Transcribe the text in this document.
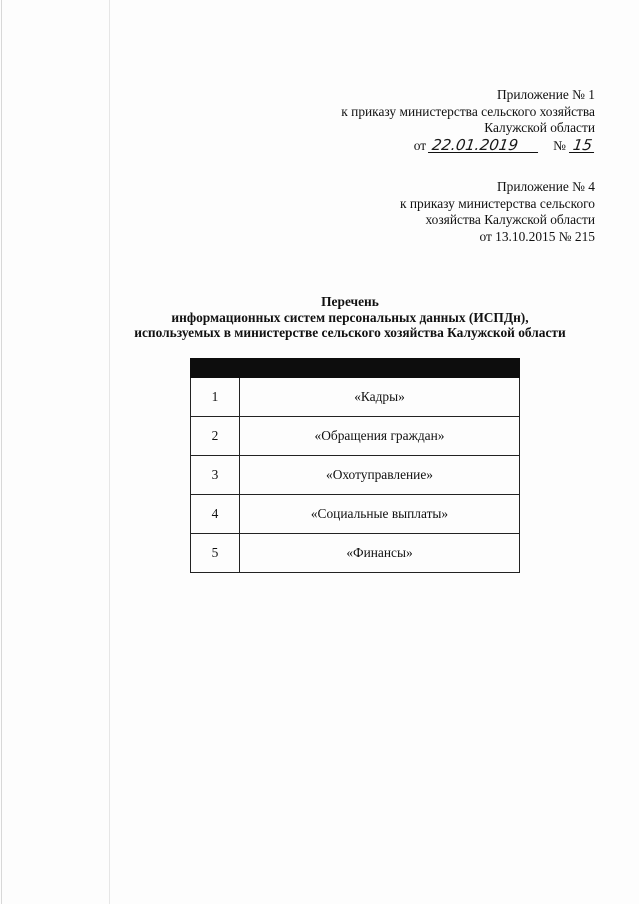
Приложение № 1
к приказу министерства сельского хозяйства
Калужской области
от 22.01.2019	№ 15
Приложение № 4
к приказу министерства сельского
хозяйства Калужской области
от 13.10.2015 № 215
Перечень
информационных систем персональных данных (ИСПДн),
используемых в министерстве сельского хозяйства Калужской области

1	«Кадры»
2	«Обращения граждан»
3	«Охотуправление»
4	«Социальные выплаты»
5	«Финансы»
